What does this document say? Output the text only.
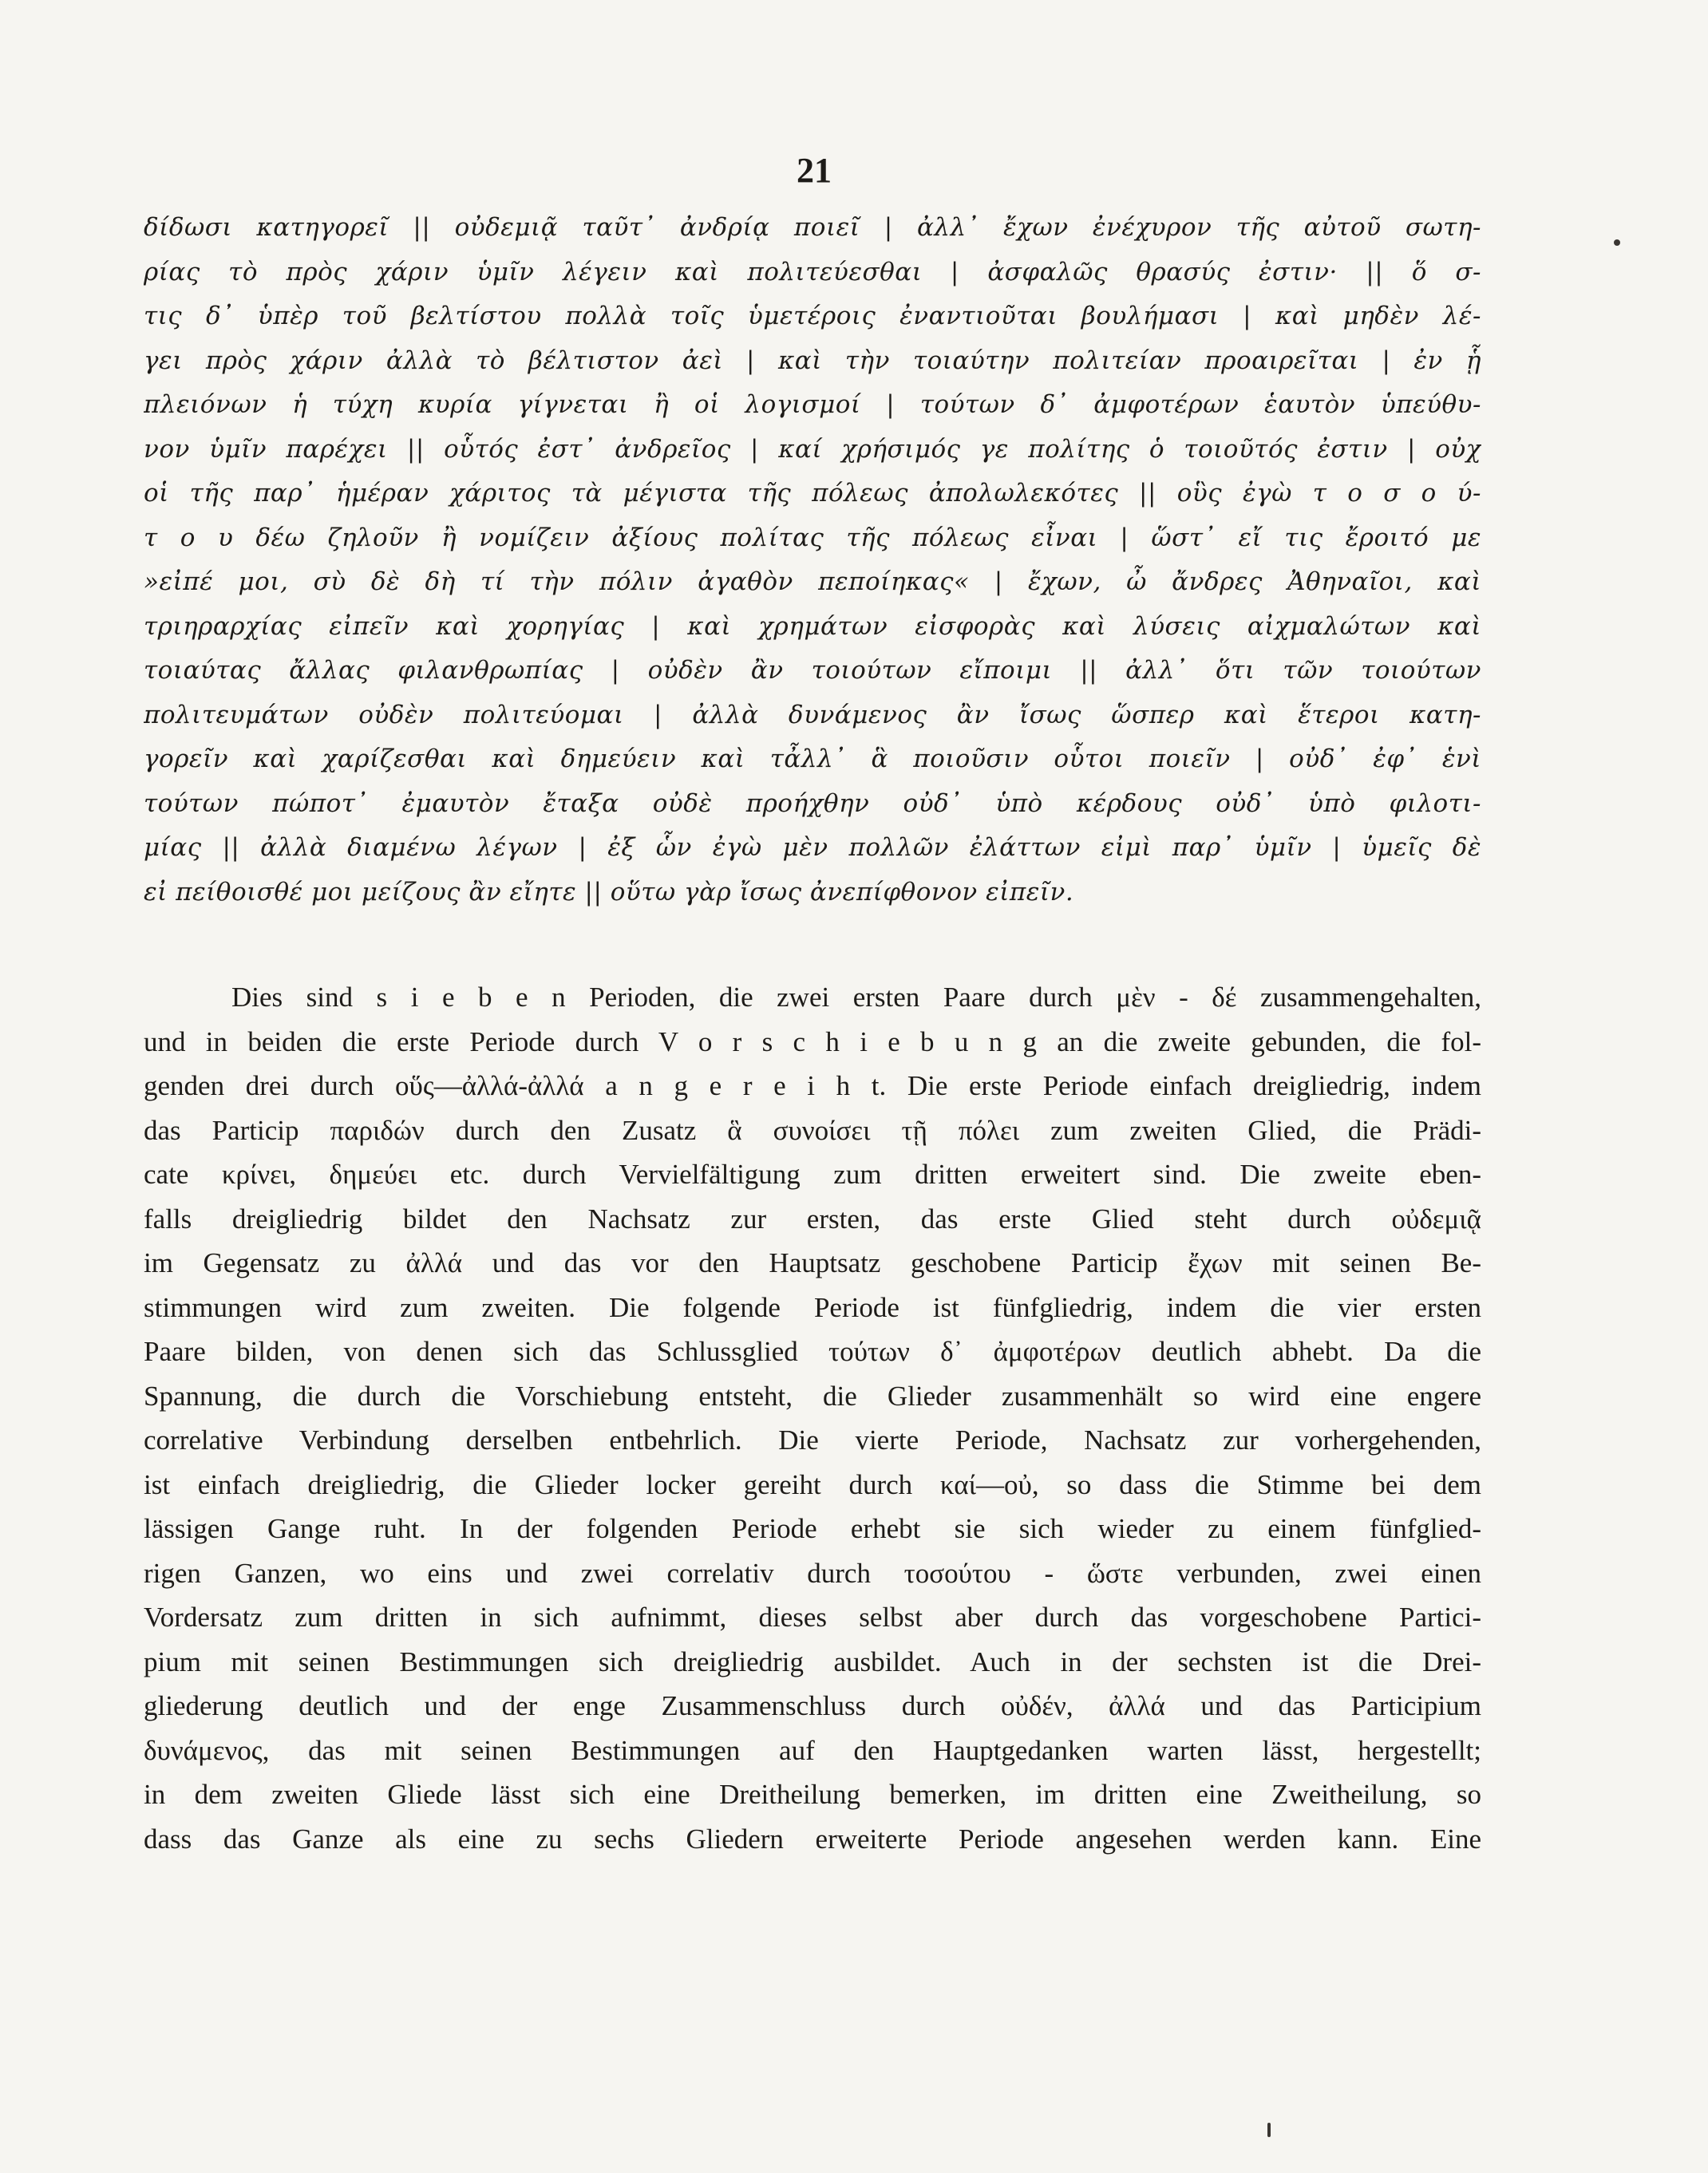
21
δίδωσι κατηγορεῖ || οὐδεμιᾷ ταῦτ᾽ ἀνδρίᾳ ποιεῖ | ἀλλ᾽ ἔχων ἐνέχυρον τῆς αὐτοῦ σωτη-
ρίας τὸ πρὸς χάριν ὑμῖν λέγειν καὶ πολιτεύεσθαι | ἀσφαλῶς θρασύς ἐστιν· || ὅ σ-
τις δ᾽ ὑπὲρ τοῦ βελτίστου πολλὰ τοῖς ὑμετέροις ἐναντιοῦται βουλήμασι | καὶ μηδὲν λέ-
γει πρὸς χάριν ἀλλὰ τὸ βέλτιστον ἀεὶ | καὶ τὴν τοιαύτην πολιτείαν προαιρεῖται | ἐν ᾗ
πλειόνων ἡ τύχη κυρία γίγνεται ἢ οἱ λογισμοί | τούτων δ᾽ ἀμφοτέρων ἑαυτὸν ὑπεύθυ-
νον ὑμῖν παρέχει || οὗτός ἐστ᾽ ἀνδρεῖος | καί χρήσιμός γε πολίτης ὁ τοιοῦτός ἐστιν | οὐχ
οἱ τῆς παρ᾽ ἡμέραν χάριτος τὰ μέγιστα τῆς πόλεως ἀπολωλεκότες || οὓς ἐγὼ τ ο σ ο ύ-
τ ο υ δέω ζηλοῦν ἢ νομίζειν ἀξίους πολίτας τῆς πόλεως εἶναι | ὥστ᾽ εἴ τις ἔροιτό με
»εἰπέ μοι, σὺ δὲ δὴ τί τὴν πόλιν ἀγαθὸν πεποίηκας« | ἔχων, ὦ ἄνδρες Ἀθηναῖοι, καὶ
τριηραρχίας εἰπεῖν καὶ χορηγίας | καὶ χρημάτων εἰσφορὰς καὶ λύσεις αἰχμαλώτων καὶ
τοιαύτας ἄλλας φιλανθρωπίας | οὐδὲν ἂν τοιούτων εἴποιμι || ἀλλ᾽ ὅτι τῶν τοιούτων
πολιτευμάτων οὐδὲν πολιτεύομαι | ἀλλὰ δυνάμενος ἂν ἴσως ὥσπερ καὶ ἕτεροι κατη-
γορεῖν καὶ χαρίζεσθαι καὶ δημεύειν καὶ τἆλλ᾽ ἃ ποιοῦσιν οὗτοι ποιεῖν | οὐδ᾽ ἐφ᾽ ἑνὶ
τούτων πώποτ᾽ ἐμαυτὸν ἔταξα οὐδὲ προήχθην οὐδ᾽ ὑπὸ κέρδους οὐδ᾽ ὑπὸ φιλοτι-
μίας || ἀλλὰ διαμένω λέγων | ἐξ ὧν ἐγὼ μὲν πολλῶν ἐλάττων εἰμὶ παρ᾽ ὑμῖν | ὑμεῖς δὲ
εἰ πείθοισθέ μοι μείζους ἂν εἴητε || οὕτω γὰρ ἴσως ἀνεπίφθονον εἰπεῖν.
Dies sind s i e b e n Perioden, die zwei ersten Paare durch μὲν - δέ zusammengehalten,
und in beiden die erste Periode durch V o r s c h i e b u n g an die zweite gebunden, die fol-
genden drei durch οὕς—ἀλλά-ἀλλά a n g e r e i h t. Die erste Periode einfach dreigliedrig, indem
das Particip παριδών durch den Zusatz ἃ συνοίσει τῇ πόλει zum zweiten Glied, die Prädi-
cate κρίνει, δημεύει etc. durch Vervielfältigung zum dritten erweitert sind. Die zweite eben-
falls dreigliedrig bildet den Nachsatz zur ersten, das erste Glied steht durch οὐδεμιᾷ
im Gegensatz zu ἀλλά und das vor den Hauptsatz geschobene Particip ἔχων mit seinen Be-
stimmungen wird zum zweiten. Die folgende Periode ist fünfgliedrig, indem die vier ersten
Paare bilden, von denen sich das Schlussglied τούτων δ᾽ ἀμφοτέρων deutlich abhebt. Da die
Spannung, die durch die Vorschiebung entsteht, die Glieder zusammenhält so wird eine engere
correlative Verbindung derselben entbehrlich. Die vierte Periode, Nachsatz zur vorhergehenden,
ist einfach dreigliedrig, die Glieder locker gereiht durch καί—οὐ, so dass die Stimme bei dem
lässigen Gange ruht. In der folgenden Periode erhebt sie sich wieder zu einem fünfglied-
rigen Ganzen, wo eins und zwei correlativ durch τοσούτου - ὥστε verbunden, zwei einen
Vordersatz zum dritten in sich aufnimmt, dieses selbst aber durch das vorgeschobene Partici-
pium mit seinen Bestimmungen sich dreigliedrig ausbildet. Auch in der sechsten ist die Drei-
gliederung deutlich und der enge Zusammenschluss durch οὐδέν, ἀλλά und das Participium
δυνάμενος, das mit seinen Bestimmungen auf den Hauptgedanken warten lässt, hergestellt;
in dem zweiten Gliede lässt sich eine Dreitheilung bemerken, im dritten eine Zweitheilung, so
dass das Ganze als eine zu sechs Gliedern erweiterte Periode angesehen werden kann. Eine
